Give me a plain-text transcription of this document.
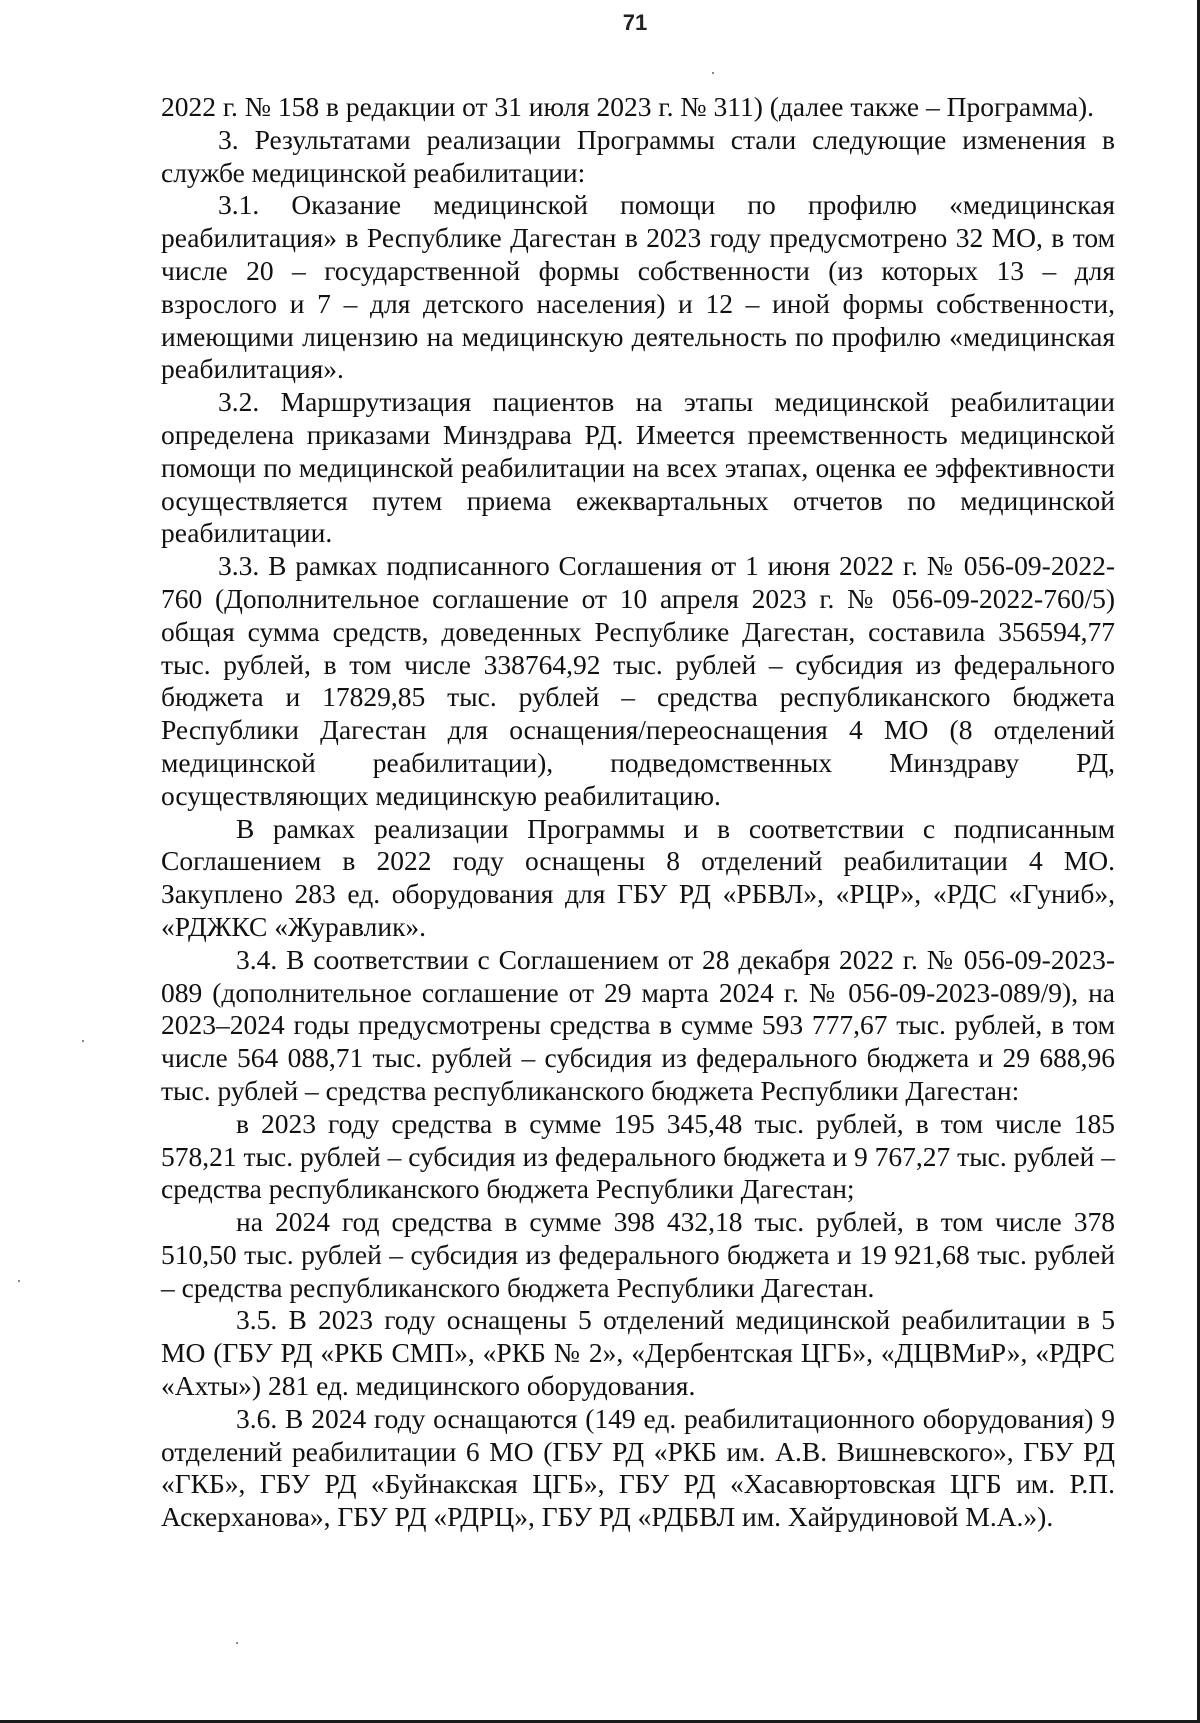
71

2022 г. № 158 в редакции от 31 июля 2023 г. № 311) (далее также – Программа).

3. Результатами реализации Программы стали следующие изменения в службе медицинской реабилитации:

3.1. Оказание медицинской помощи по профилю «медицинская реабилитация» в Республике Дагестан в 2023 году предусмотрено 32 МО, в том числе 20 – государственной формы собственности (из которых 13 – для взрослого и 7 – для детского населения) и 12 – иной формы собственности, имеющими лицензию на медицинскую деятельность по профилю «медицинская реабилитация».

3.2. Маршрутизация пациентов на этапы медицинской реабилитации определена приказами Минздрава РД. Имеется преемственность медицинской помощи по медицинской реабилитации на всех этапах, оценка ее эффективности осуществляется путем приема ежеквартальных отчетов по медицинской реабилитации.

3.3. В рамках подписанного Соглашения от 1 июня 2022 г. № 056-09-2022-760 (Дополнительное соглашение от 10 апреля 2023 г. № 056-09-2022-760/5) общая сумма средств, доведенных Республике Дагестан, составила 356594,77 тыс. рублей, в том числе 338764,92 тыс. рублей – субсидия из федерального бюджета и 17829,85 тыс. рублей – средства республиканского бюджета Республики Дагестан для оснащения/переоснащения 4 МО (8 отделений медицинской реабилитации), подведомственных Минздраву РД, осуществляющих медицинскую реабилитацию.

В рамках реализации Программы и в соответствии с подписанным Соглашением в 2022 году оснащены 8 отделений реабилитации 4 МО. Закуплено 283 ед. оборудования для ГБУ РД «РБВЛ», «РЦР», «РДС «Гуниб», «РДЖКС «Журавлик».

3.4. В соответствии с Соглашением от 28 декабря 2022 г. № 056-09-2023-089 (дополнительное соглашение от 29 марта 2024 г. № 056-09-2023-089/9), на 2023–2024 годы предусмотрены средства в сумме 593 777,67 тыс. рублей, в том числе 564 088,71 тыс. рублей – субсидия из федерального бюджета и 29 688,96 тыс. рублей – средства республиканского бюджета Республики Дагестан:

в 2023 году средства в сумме 195 345,48 тыс. рублей, в том числе 185 578,21 тыс. рублей – субсидия из федерального бюджета и 9 767,27 тыс. рублей – средства республиканского бюджета Республики Дагестан;

на 2024 год средства в сумме 398 432,18 тыс. рублей, в том числе 378 510,50 тыс. рублей – субсидия из федерального бюджета и 19 921,68 тыс. рублей – средства республиканского бюджета Республики Дагестан.

3.5. В 2023 году оснащены 5 отделений медицинской реабилитации в 5 МО (ГБУ РД «РКБ СМП», «РКБ № 2», «Дербентская ЦГБ», «ДЦВМиР», «РДРС «Ахты») 281 ед. медицинского оборудования.

3.6. В 2024 году оснащаются (149 ед. реабилитационного оборудования) 9 отделений реабилитации 6 МО (ГБУ РД «РКБ им. А.В. Вишневского», ГБУ РД «ГКБ», ГБУ РД «Буйнакская ЦГБ», ГБУ РД «Хасавюртовская ЦГБ им. Р.П. Аскерханова», ГБУ РД «РДРЦ», ГБУ РД «РДБВЛ им. Хайрудиновой М.А.»).
